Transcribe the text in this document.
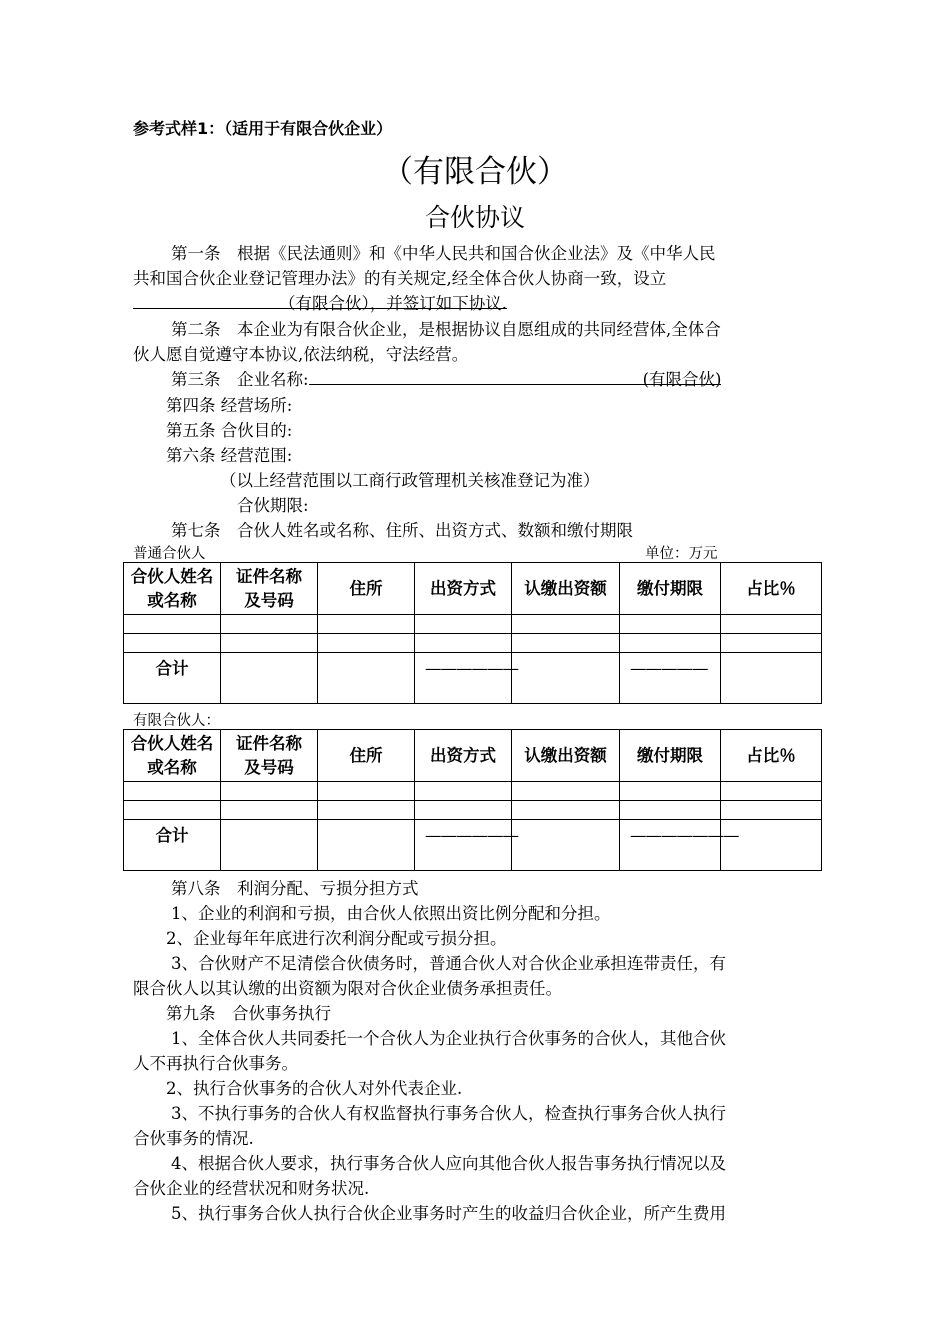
参考式样1：（适用于有限合伙企业）
（有限合伙）
合伙协议
第一条　根据《民法通则》和《中华人民共和国合伙企业法》及《中华人民
共和国合伙企业登记管理办法》的有关规定,经全体合伙人协商一致，设立
（有限合伙），并签订如下协议.
第二条　本企业为有限合伙企业，是根据协议自愿组成的共同经营体,全体合
伙人愿自觉遵守本协议,依法纳税，守法经营。
第三条　企业名称:	(有限合伙)
第四条 经营场所:
第五条 合伙目的:
第六条 经营范围:
（以上经营范围以工商行政管理机关核准登记为准）
合伙期限:
第七条　合伙人姓名或名称、住所、出资方式、数额和缴付期限
普通合伙人	单位：万元
合伙人姓名或名称	证件名称及号码	住所	出资方式	认缴出资额	缴付期限	占比％

合计			——————		—————	
有限合伙人：
合伙人姓名或名称	证件名称及号码	住所	出资方式	认缴出资额	缴付期限	占比％

合计			——————		———————	
第八条　利润分配、亏损分担方式
1、企业的利润和亏损，由合伙人依照出资比例分配和分担。
2、企业每年年底进行次利润分配或亏损分担。
3、合伙财产不足清偿合伙债务时，普通合伙人对合伙企业承担连带责任，有
限合伙人以其认缴的出资额为限对合伙企业债务承担责任。
第九条　合伙事务执行
1、全体合伙人共同委托一个合伙人为企业执行合伙事务的合伙人，其他合伙
人不再执行合伙事务。
2、执行合伙事务的合伙人对外代表企业.
3、不执行事务的合伙人有权监督执行事务合伙人，检查执行事务合伙人执行
合伙事务的情况.
4、根据合伙人要求，执行事务合伙人应向其他合伙人报告事务执行情况以及
合伙企业的经营状况和财务状况.
5、执行事务合伙人执行合伙企业事务时产生的收益归合伙企业，所产生费用
